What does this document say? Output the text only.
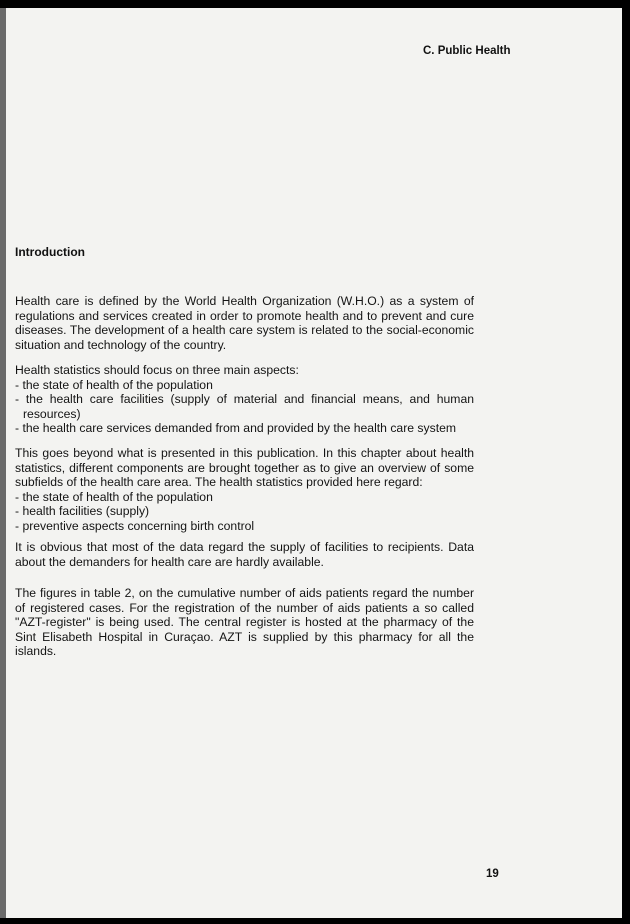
C. Public Health
Introduction
Health care is defined by the World Health Organization (W.H.O.) as a system of
regulations and services created in order to promote health and to prevent and cure
diseases. The development of a health care system is related to the social-economic
situation and technology of the country.
Health statistics should focus on three main aspects:
- the state of health of the population
- the health care facilities (supply of material and financial means, and human
resources)
- the health care services demanded from and provided by the health care system
This goes beyond what is presented in this publication. In this chapter about health
statistics, different components are brought together as to give an overview of some
subfields of the health care area. The health statistics provided here regard:
- the state of health of the population
- health facilities (supply)
- preventive aspects concerning birth control
It is obvious that most of the data regard the supply of facilities to recipients. Data
about the demanders for health care are hardly available.
The figures in table 2, on the cumulative number of aids patients regard the number
of registered cases. For the registration of the number of aids patients a so called
"AZT-register" is being used. The central register is hosted at the pharmacy of the
Sint Elisabeth Hospital in Curaçao. AZT is supplied by this pharmacy for all the
islands.
19
